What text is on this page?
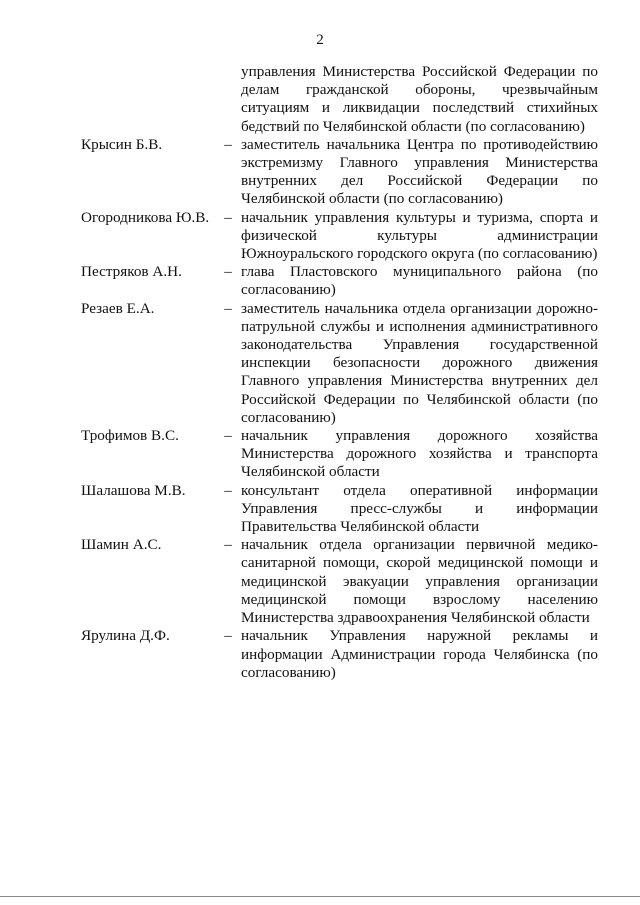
2
управления Министерства Российской Федерации по делам гражданской обороны, чрезвычайным ситуациям и ликвидации последствий стихийных бедствий по Челябинской области (по согласованию)
Крысин Б.В.	– заместитель начальника Центра по противодействию экстремизму Главного управления Министерства внутренних дел Российской Федерации по Челябинской области (по согласованию)
Огородникова Ю.В. – начальник управления культуры и туризма, спорта и физической культуры администрации Южноуральского городского округа (по согласованию)
Пестряков А.Н.	– глава Пластовского муниципального района (по согласованию)
Резаев Е.А.	– заместитель начальника отдела организации дорожно-патрульной службы и исполнения административного законодательства Управления государственной инспекции безопасности дорожного движения Главного управления Министерства внутренних дел Российской Федерации по Челябинской области (по согласованию)
Трофимов В.С.	– начальник управления дорожного хозяйства Министерства дорожного хозяйства и транспорта Челябинской области
Шалашова М.В.	– консультант отдела оперативной информации Управления пресс-службы и информации Правительства Челябинской области
Шамин А.С.	– начальник отдела организации первичной медико-санитарной помощи, скорой медицинской помощи и медицинской эвакуации управления организации медицинской помощи взрослому населению Министерства здравоохранения Челябинской области
Ярулина Д.Ф.	– начальник Управления наружной рекламы и информации Администрации города Челябинска (по согласованию)
